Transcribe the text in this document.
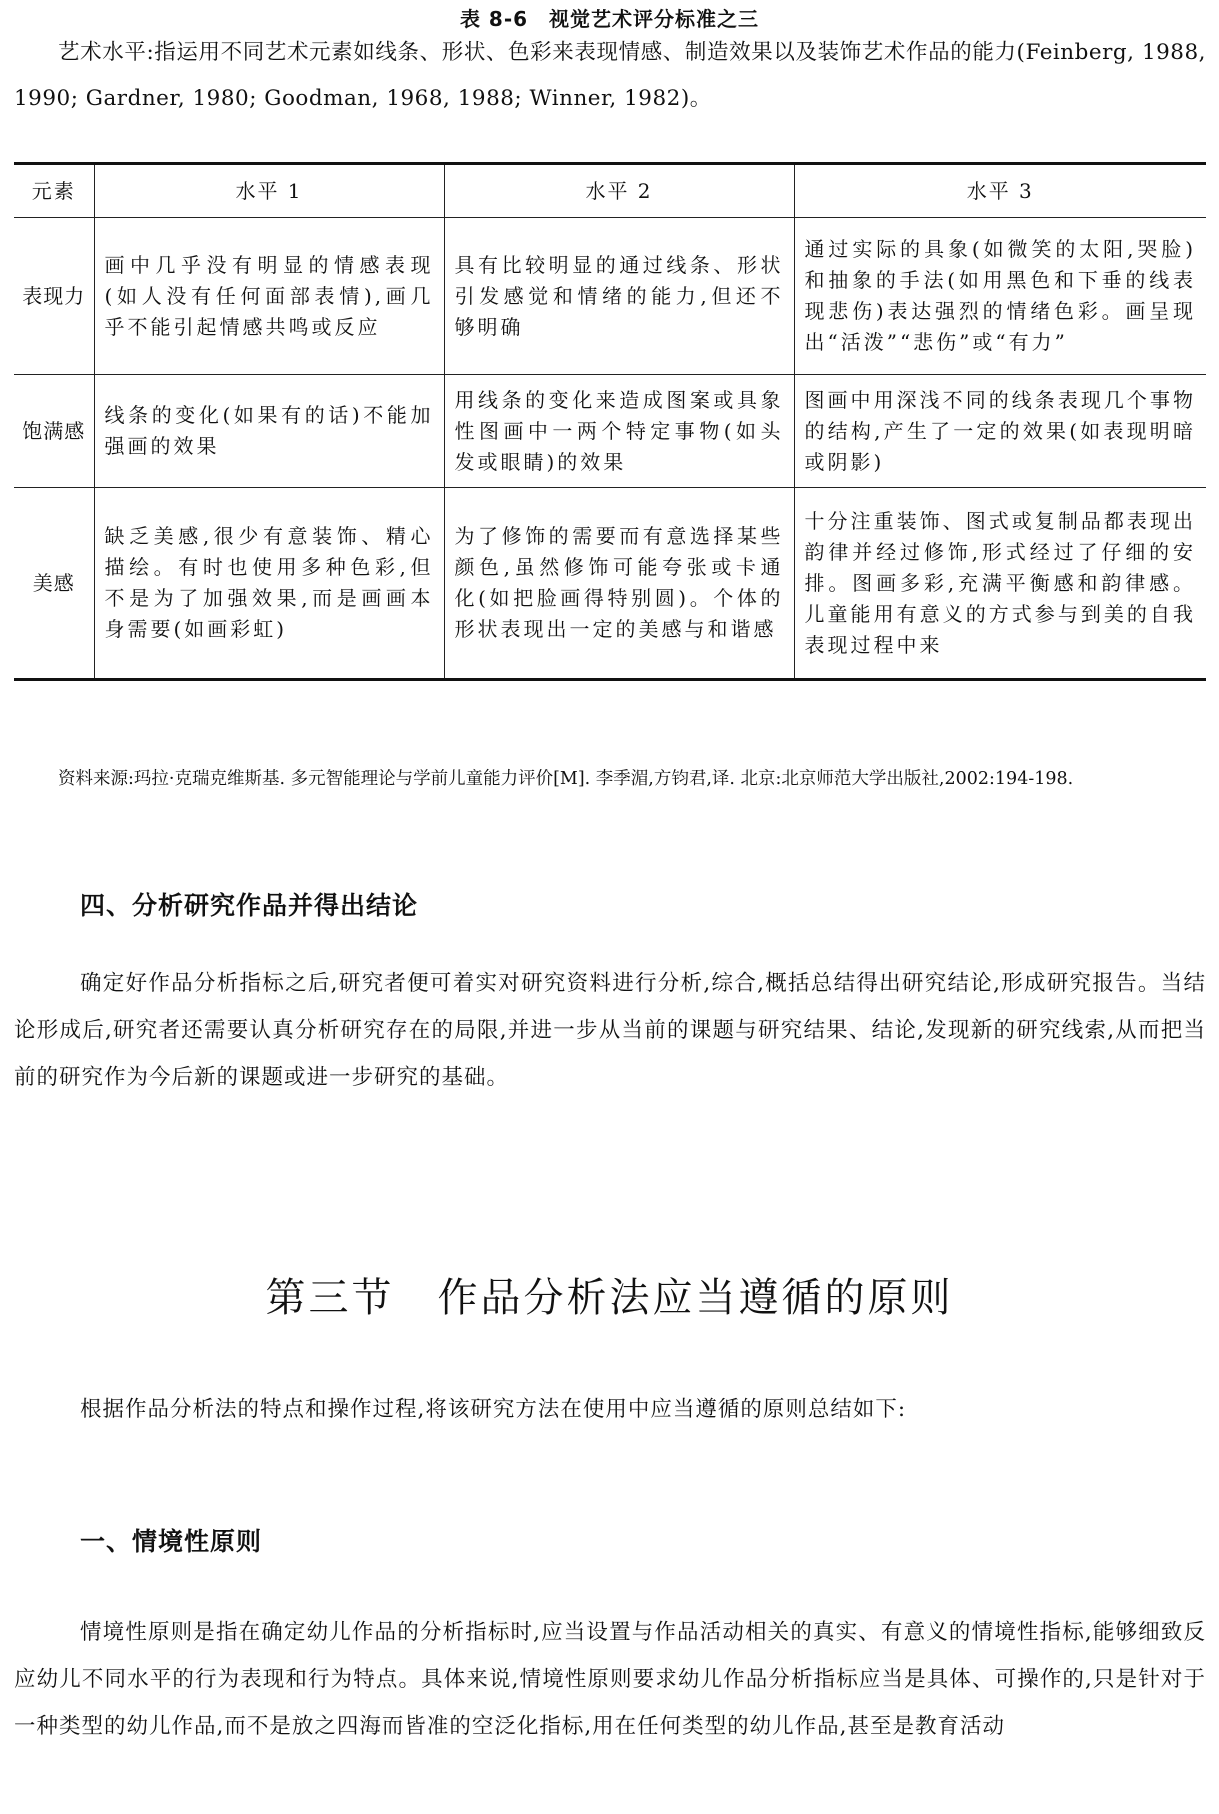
表 8-6　视觉艺术评分标准之三

艺术水平:指运用不同艺术元素如线条、形状、色彩来表现情感、制造效果以及装饰艺术作品的能力(Feinberg, 1988, 1990; Gardner, 1980; Goodman, 1968, 1988; Winner, 1982)。

元素	水平 1	水平 2	水平 3
表现力	画中几乎没有明显的情感表现(如人没有任何面部表情),画几乎不能引起情感共鸣或反应	具有比较明显的通过线条、形状引发感觉和情绪的能力,但还不够明确	通过实际的具象(如微笑的太阳,哭脸)和抽象的手法(如用黑色和下垂的线表现悲伤)表达强烈的情绪色彩。画呈现出“活泼”“悲伤”或“有力”
饱满感	线条的变化(如果有的话)不能加强画的效果	用线条的变化来造成图案或具象性图画中一两个特定事物(如头发或眼睛)的效果	图画中用深浅不同的线条表现几个事物的结构,产生了一定的效果(如表现明暗或阴影)
美感	缺乏美感,很少有意装饰、精心描绘。有时也使用多种色彩,但不是为了加强效果,而是画画本身需要(如画彩虹)	为了修饰的需要而有意选择某些颜色,虽然修饰可能夸张或卡通化(如把脸画得特别圆)。个体的形状表现出一定的美感与和谐感	十分注重装饰、图式或复制品都表现出韵律并经过修饰,形式经过了仔细的安排。图画多彩,充满平衡感和韵律感。儿童能用有意义的方式参与到美的自我表现过程中来

资料来源:玛拉·克瑞克维斯基. 多元智能理论与学前儿童能力评价[M]. 李季湄,方钧君,译. 北京:北京师范大学出版社,2002:194-198.

四、分析研究作品并得出结论

确定好作品分析指标之后,研究者便可着实对研究资料进行分析,综合,概括总结得出研究结论,形成研究报告。当结论形成后,研究者还需要认真分析研究存在的局限,并进一步从当前的课题与研究结果、结论,发现新的研究线索,从而把当前的研究作为今后新的课题或进一步研究的基础。

第三节　作品分析法应当遵循的原则

根据作品分析法的特点和操作过程,将该研究方法在使用中应当遵循的原则总结如下:

一、情境性原则

情境性原则是指在确定幼儿作品的分析指标时,应当设置与作品活动相关的真实、有意义的情境性指标,能够细致反应幼儿不同水平的行为表现和行为特点。具体来说,情境性原则要求幼儿作品分析指标应当是具体、可操作的,只是针对于一种类型的幼儿作品,而不是放之四海而皆准的空泛化指标,用在任何类型的幼儿作品,甚至是教育活动
